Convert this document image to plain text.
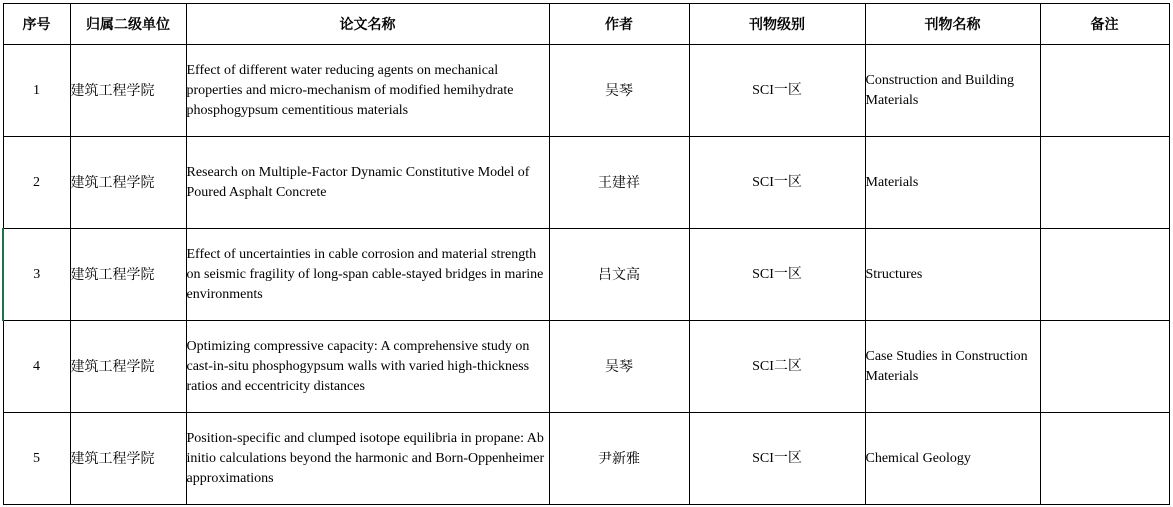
序号	归属二级单位	论文名称	作者	刊物级别	刊物名称	备注
1	建筑工程学院	Effect of different water reducing agents on mechanical properties and micro-mechanism of modified hemihydrate phosphogypsum cementitious materials	吴琴	SCI一区	Construction and Building Materials	
2	建筑工程学院	Research on Multiple-Factor Dynamic Constitutive Model of Poured Asphalt Concrete	王建祥	SCI一区	Materials	
3	建筑工程学院	Effect of uncertainties in cable corrosion and material strength on seismic fragility of long-span cable-stayed bridges in marine environments	吕文高	SCI一区	Structures	
4	建筑工程学院	Optimizing compressive capacity: A comprehensive study on cast-in-situ phosphogypsum walls with varied high-thickness ratios and eccentricity distances	吴琴	SCI二区	Case Studies in Construction Materials	
5	建筑工程学院	Position-specific and clumped isotope equilibria in propane: Ab initio calculations beyond the harmonic and Born-Oppenheimer approximations	尹新雅	SCI一区	Chemical Geology	
